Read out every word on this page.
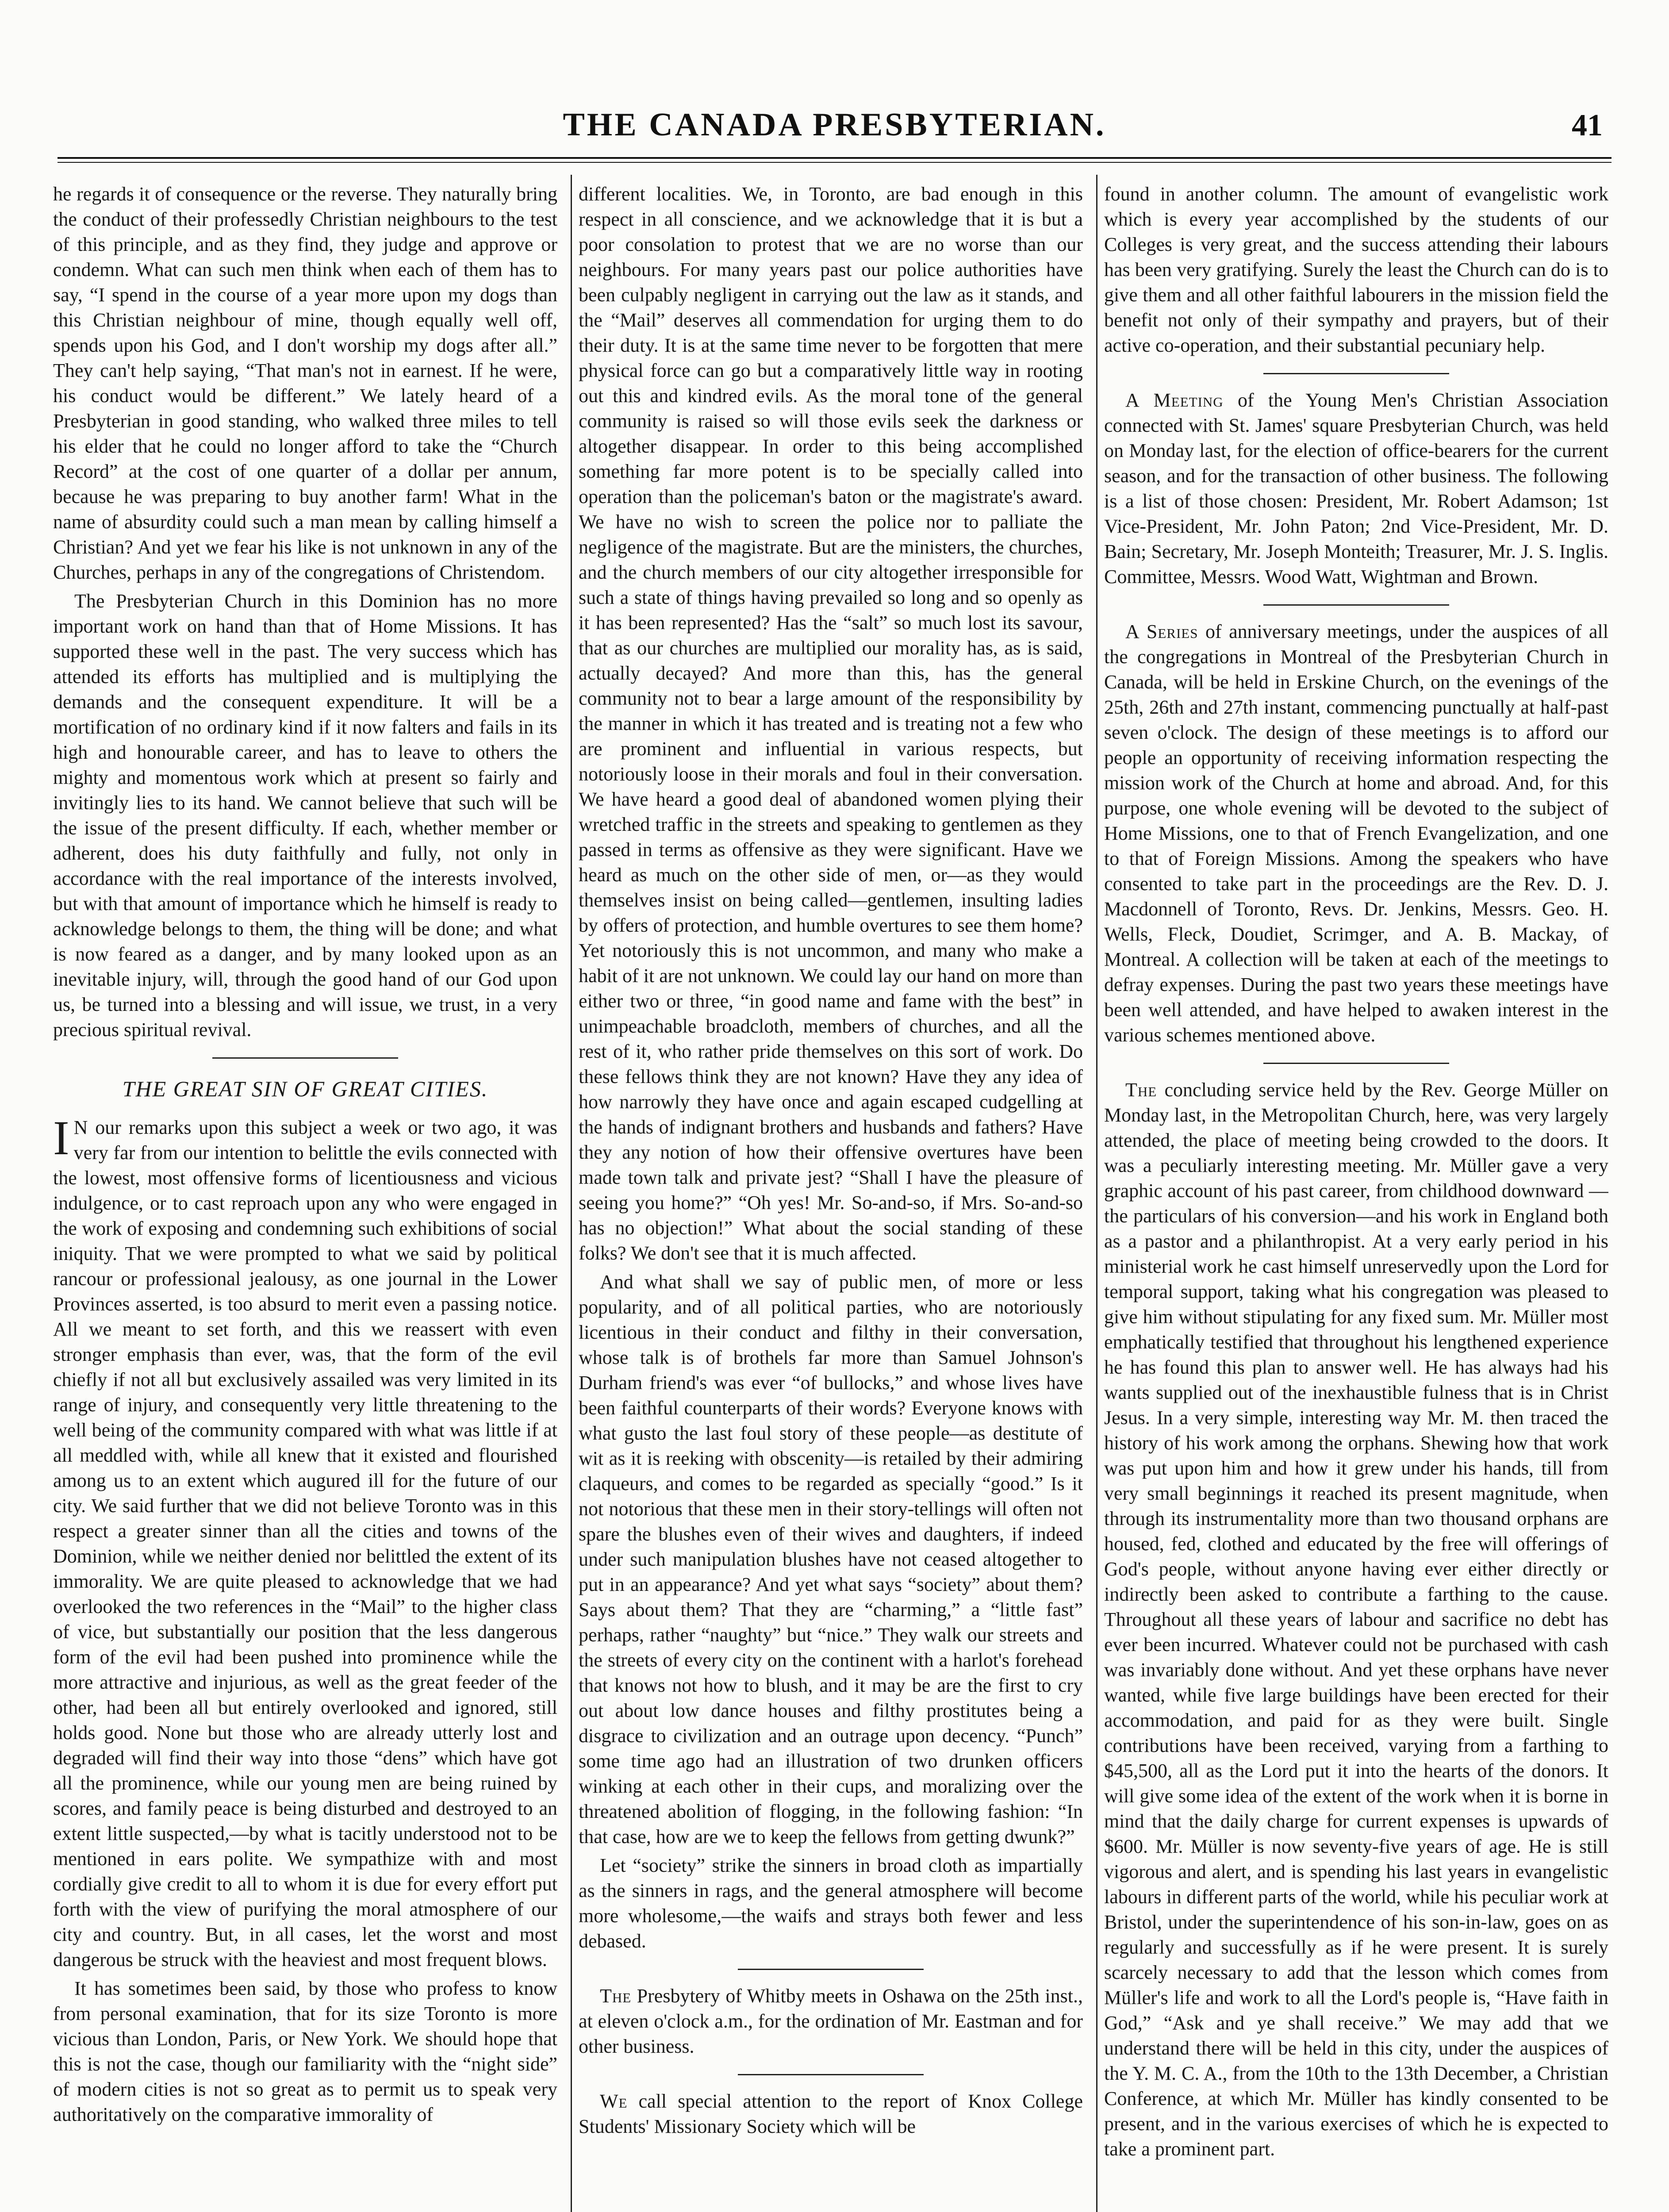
THE CANADA PRESBYTERIAN.	41

he regards it of consequence or the reverse. They naturally bring the conduct of their professedly Christian neighbours to the test of this principle, and as they find, they judge and approve or condemn. What can such men think when each of them has to say, “I spend in the course of a year more upon my dogs than this Christian neighbour of mine, though equally well off, spends upon his God, and I don't worship my dogs after all.” They can't help saying, “That man's not in earnest. If he were, his conduct would be different.” We lately heard of a Presbyterian in good standing, who walked three miles to tell his elder that he could no longer afford to take the “Church Record” at the cost of one quarter of a dollar per annum, because he was preparing to buy another farm! What in the name of absurdity could such a man mean by calling himself a Christian? And yet we fear his like is not unknown in any of the Churches, perhaps in any of the congregations of Christendom.

The Presbyterian Church in this Dominion has no more important work on hand than that of Home Missions. It has supported these well in the past. The very success which has attended its efforts has multiplied and is multiplying the demands and the consequent expenditure. It will be a mortification of no ordinary kind if it now falters and fails in its high and honourable career, and has to leave to others the mighty and momentous work which at present so fairly and invitingly lies to its hand. We cannot believe that such will be the issue of the present difficulty. If each, whether member or adherent, does his duty faithfully and fully, not only in accordance with the real importance of the interests involved, but with that amount of importance which he himself is ready to acknowledge belongs to them, the thing will be done; and what is now feared as a danger, and by many looked upon as an inevitable injury, will, through the good hand of our God upon us, be turned into a blessing and will issue, we trust, in a very precious spiritual revival.

THE GREAT SIN OF GREAT CITIES.

I N our remarks upon this subject a week or two ago, it was very far from our intention to belittle the evils connected with the lowest, most offensive forms of licentiousness and vicious indulgence, or to cast reproach upon any who were engaged in the work of exposing and condemning such exhibitions of social iniquity. That we were prompted to what we said by political rancour or professional jealousy, as one journal in the Lower Provinces asserted, is too absurd to merit even a passing notice. All we meant to set forth, and this we reassert with even stronger emphasis than ever, was, that the form of the evil chiefly if not all but exclusively assailed was very limited in its range of injury, and consequently very little threatening to the well being of the community compared with what was little if at all meddled with, while all knew that it existed and flourished among us to an extent which augured ill for the future of our city. We said further that we did not believe Toronto was in this respect a greater sinner than all the cities and towns of the Dominion, while we neither denied nor belittled the extent of its immorality. We are quite pleased to acknowledge that we had overlooked the two references in the “Mail” to the higher class of vice, but substantially our position that the less dangerous form of the evil had been pushed into prominence while the more attractive and injurious, as well as the great feeder of the other, had been all but entirely overlooked and ignored, still holds good. None but those who are already utterly lost and degraded will find their way into those “dens” which have got all the prominence, while our young men are being ruined by scores, and family peace is being disturbed and destroyed to an extent little suspected,—by what is tacitly understood not to be mentioned in ears polite. We sympathize with and most cordially give credit to all to whom it is due for every effort put forth with the view of purifying the moral atmosphere of our city and country. But, in all cases, let the worst and most dangerous be struck with the heaviest and most frequent blows.

It has sometimes been said, by those who profess to know from personal examination, that for its size Toronto is more vicious than London, Paris, or New York. We should hope that this is not the case, though our familiarity with the “night side” of modern cities is not so great as to permit us to speak very authoritatively on the comparative immorality of

different localities. We, in Toronto, are bad enough in this respect in all conscience, and we acknowledge that it is but a poor consolation to protest that we are no worse than our neighbours. For many years past our police authorities have been culpably negligent in carrying out the law as it stands, and the “Mail” deserves all commendation for urging them to do their duty. It is at the same time never to be forgotten that mere physical force can go but a comparatively little way in rooting out this and kindred evils. As the moral tone of the general community is raised so will those evils seek the darkness or altogether disappear. In order to this being accomplished something far more potent is to be specially called into operation than the policeman's baton or the magistrate's award. We have no wish to screen the police nor to palliate the negligence of the magistrate. But are the ministers, the churches, and the church members of our city altogether irresponsible for such a state of things having prevailed so long and so openly as it has been represented? Has the “salt” so much lost its savour, that as our churches are multiplied our morality has, as is said, actually decayed? And more than this, has the general community not to bear a large amount of the responsibility by the manner in which it has treated and is treating not a few who are prominent and influential in various respects, but notoriously loose in their morals and foul in their conversation. We have heard a good deal of abandoned women plying their wretched traffic in the streets and speaking to gentlemen as they passed in terms as offensive as they were significant. Have we heard as much on the other side of men, or—as they would themselves insist on being called—gentlemen, insulting ladies by offers of protection, and humble overtures to see them home? Yet notoriously this is not uncommon, and many who make a habit of it are not unknown. We could lay our hand on more than either two or three, “in good name and fame with the best” in unimpeachable broadcloth, members of churches, and all the rest of it, who rather pride themselves on this sort of work. Do these fellows think they are not known? Have they any idea of how narrowly they have once and again escaped cudgelling at the hands of indignant brothers and husbands and fathers? Have they any notion of how their offensive overtures have been made town talk and private jest? “Shall I have the pleasure of seeing you home?” “Oh yes! Mr. So-and-so, if Mrs. So-and-so has no objection!” What about the social standing of these folks? We don't see that it is much affected.

And what shall we say of public men, of more or less popularity, and of all political parties, who are notoriously licentious in their conduct and filthy in their conversation, whose talk is of brothels far more than Samuel Johnson's Durham friend's was ever “of bullocks,” and whose lives have been faithful counterparts of their words? Everyone knows with what gusto the last foul story of these people—as destitute of wit as it is reeking with obscenity—is retailed by their admiring claqueurs, and comes to be regarded as specially “good.” Is it not notorious that these men in their story-tellings will often not spare the blushes even of their wives and daughters, if indeed under such manipulation blushes have not ceased altogether to put in an appearance? And yet what says “society” about them? Says about them? That they are “charming,” a “little fast” perhaps, rather “naughty” but “nice.” They walk our streets and the streets of every city on the continent with a harlot's forehead that knows not how to blush, and it may be are the first to cry out about low dance houses and filthy prostitutes being a disgrace to civilization and an outrage upon decency. “Punch” some time ago had an illustration of two drunken officers winking at each other in their cups, and moralizing over the threatened abolition of flogging, in the following fashion: “In that case, how are we to keep the fellows from getting dwunk?”

Let “society” strike the sinners in broad cloth as impartially as the sinners in rags, and the general atmosphere will become more wholesome,—the waifs and strays both fewer and less debased.

The Presbytery of Whitby meets in Oshawa on the 25th inst., at eleven o'clock a.m., for the ordination of Mr. Eastman and for other business.

We call special attention to the report of Knox College Students' Missionary Society which will be

found in another column. The amount of evangelistic work which is every year accomplished by the students of our Colleges is very great, and the success attending their labours has been very gratifying. Surely the least the Church can do is to give them and all other faithful labourers in the mission field the benefit not only of their sympathy and prayers, but of their active co-operation, and their substantial pecuniary help.

A Meeting of the Young Men's Christian Association connected with St. James' square Presbyterian Church, was held on Monday last, for the election of office-bearers for the current season, and for the transaction of other business. The following is a list of those chosen: President, Mr. Robert Adamson; 1st Vice-President, Mr. John Paton; 2nd Vice-President, Mr. D. Bain; Secretary, Mr. Joseph Monteith; Treasurer, Mr. J. S. Inglis. Committee, Messrs. Wood Watt, Wightman and Brown.

A Series of anniversary meetings, under the auspices of all the congregations in Montreal of the Presbyterian Church in Canada, will be held in Erskine Church, on the evenings of the 25th, 26th and 27th instant, commencing punctually at half-past seven o'clock. The design of these meetings is to afford our people an opportunity of receiving information respecting the mission work of the Church at home and abroad. And, for this purpose, one whole evening will be devoted to the subject of Home Missions, one to that of French Evangelization, and one to that of Foreign Missions. Among the speakers who have consented to take part in the proceedings are the Rev. D. J. Macdonnell of Toronto, Revs. Dr. Jenkins, Messrs. Geo. H. Wells, Fleck, Doudiet, Scrimger, and A. B. Mackay, of Montreal. A collection will be taken at each of the meetings to defray expenses. During the past two years these meetings have been well attended, and have helped to awaken interest in the various schemes mentioned above.

The concluding service held by the Rev. George Müller on Monday last, in the Metropolitan Church, here, was very largely attended, the place of meeting being crowded to the doors. It was a peculiarly interesting meeting. Mr. Müller gave a very graphic account of his past career, from childhood downward —the particulars of his conversion—and his work in England both as a pastor and a philanthropist. At a very early period in his ministerial work he cast himself unreservedly upon the Lord for temporal support, taking what his congregation was pleased to give him without stipulating for any fixed sum. Mr. Müller most emphatically testified that throughout his lengthened experience he has found this plan to answer well. He has always had his wants supplied out of the inexhaustible fulness that is in Christ Jesus. In a very simple, interesting way Mr. M. then traced the history of his work among the orphans. Shewing how that work was put upon him and how it grew under his hands, till from very small beginnings it reached its present magnitude, when through its instrumentality more than two thousand orphans are housed, fed, clothed and educated by the free will offerings of God's people, without anyone having ever either directly or indirectly been asked to contribute a farthing to the cause. Throughout all these years of labour and sacrifice no debt has ever been incurred. Whatever could not be purchased with cash was invariably done without. And yet these orphans have never wanted, while five large buildings have been erected for their accommodation, and paid for as they were built. Single contributions have been received, varying from a farthing to $45,500, all as the Lord put it into the hearts of the donors. It will give some idea of the extent of the work when it is borne in mind that the daily charge for current expenses is upwards of $600. Mr. Müller is now seventy-five years of age. He is still vigorous and alert, and is spending his last years in evangelistic labours in different parts of the world, while his peculiar work at Bristol, under the superintendence of his son-in-law, goes on as regularly and successfully as if he were present. It is surely scarcely necessary to add that the lesson which comes from Müller's life and work to all the Lord's people is, “Have faith in God,” “Ask and ye shall receive.” We may add that we understand there will be held in this city, under the auspices of the Y. M. C. A., from the 10th to the 13th December, a Christian Conference, at which Mr. Müller has kindly consented to be present, and in the various exercises of which he is expected to take a prominent part.
